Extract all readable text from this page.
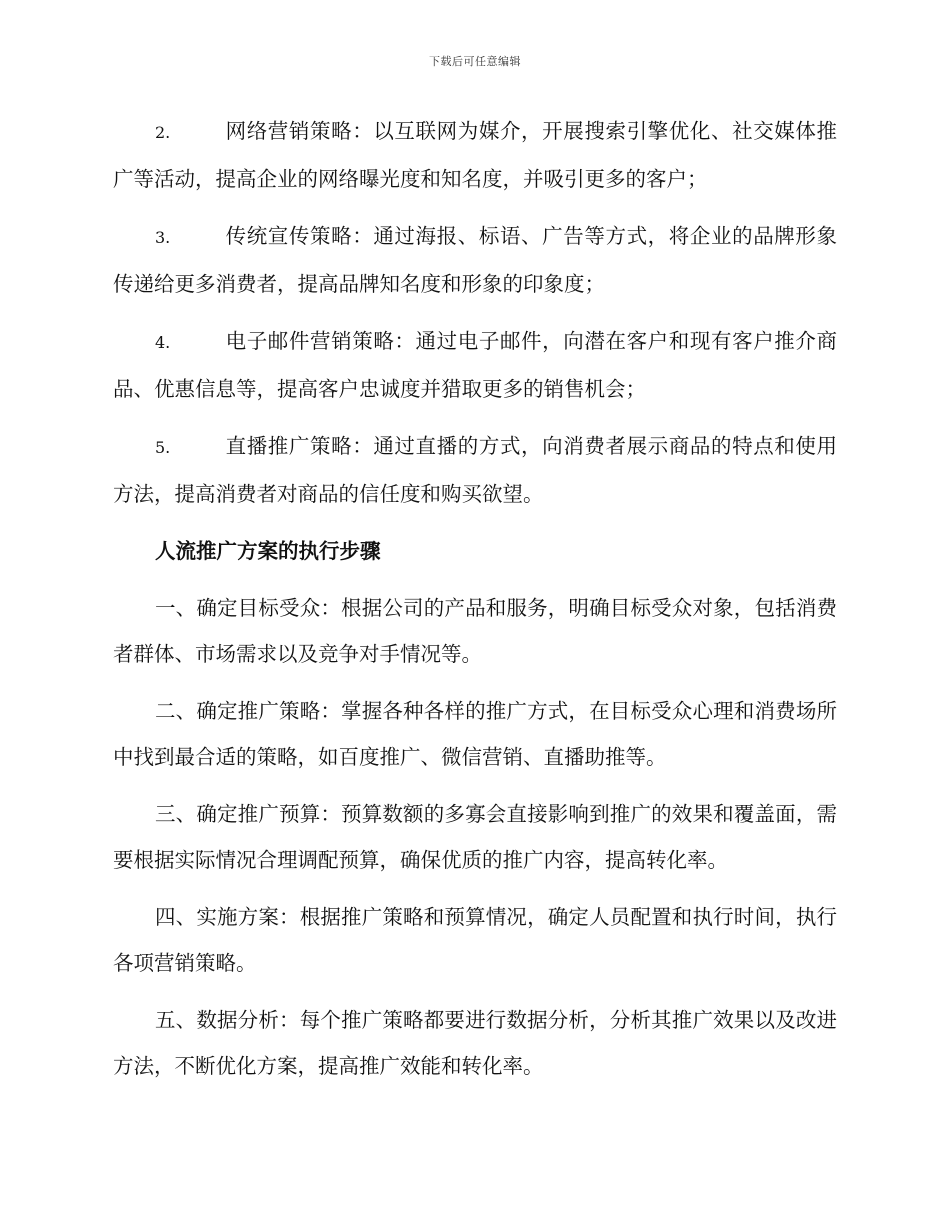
下载后可任意编辑

2.	网络营销策略：以互联网为媒介，开展搜索引擎优化、社交媒体推广等活动，提高企业的网络曝光度和知名度，并吸引更多的客户；

3.	传统宣传策略：通过海报、标语、广告等方式，将企业的品牌形象传递给更多消费者，提高品牌知名度和形象的印象度；

4.	电子邮件营销策略：通过电子邮件，向潜在客户和现有客户推介商品、优惠信息等，提高客户忠诚度并猎取更多的销售机会；

5.	直播推广策略：通过直播的方式，向消费者展示商品的特点和使用方法，提高消费者对商品的信任度和购买欲望。

人流推广方案的执行步骤

一、确定目标受众：根据公司的产品和服务，明确目标受众对象，包括消费者群体、市场需求以及竞争对手情况等。

二、确定推广策略：掌握各种各样的推广方式，在目标受众心理和消费场所中找到最合适的策略，如百度推广、微信营销、直播助推等。

三、确定推广预算：预算数额的多寡会直接影响到推广的效果和覆盖面，需要根据实际情况合理调配预算，确保优质的推广内容，提高转化率。

四、实施方案：根据推广策略和预算情况，确定人员配置和执行时间，执行各项营销策略。

五、数据分析：每个推广策略都要进行数据分析，分析其推广效果以及改进方法，不断优化方案，提高推广效能和转化率。
